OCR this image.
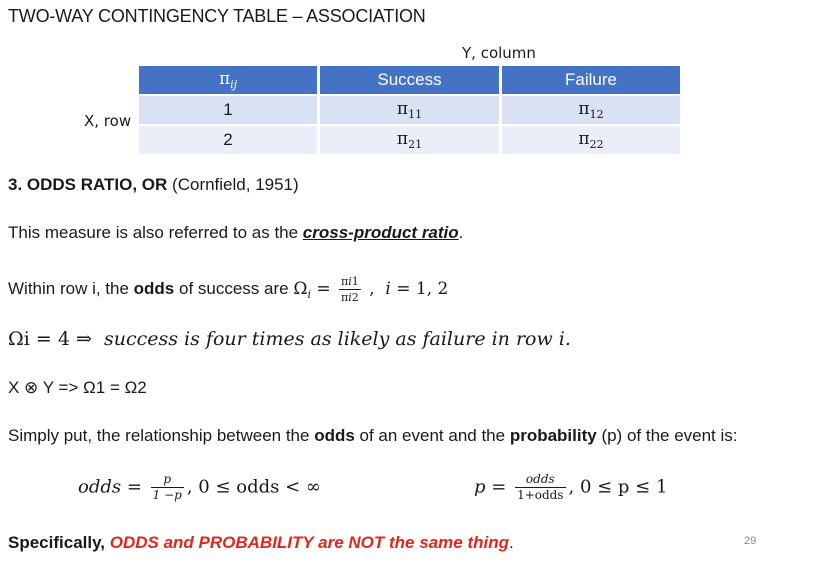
TWO-WAY CONTINGENCY TABLE – ASSOCIATION
Y, column
X, row
$\pi_{ij}$	Success	Failure
1	$\pi_{11}$	$\pi_{12}$
2	$\pi_{21}$	$\pi_{22}$
3. ODDS RATIO, OR (Cornfield, 1951)
This measure is also referred to as the cross-product ratio.
Within row i, the odds of success are $\Omega_i = \frac{\pi i1}{\pi i2}$ ,  i = 1, 2
Ωi = 4 ⇒ success is four times as likely as failure in row i.
X ⊗ Y => Ω1 = Ω2
Simply put, the relationship between the odds of an event and the probability (p) of the event is:
odds = $\frac{p}{1 -p}$ , 0 ≤ odds < ∞	$p = \frac{\text{odds}}{\text{1+odds}}$ , 0 ≤ p ≤ 1
Specifically, ODDS and PROBABILITY are NOT the same thing.	29
